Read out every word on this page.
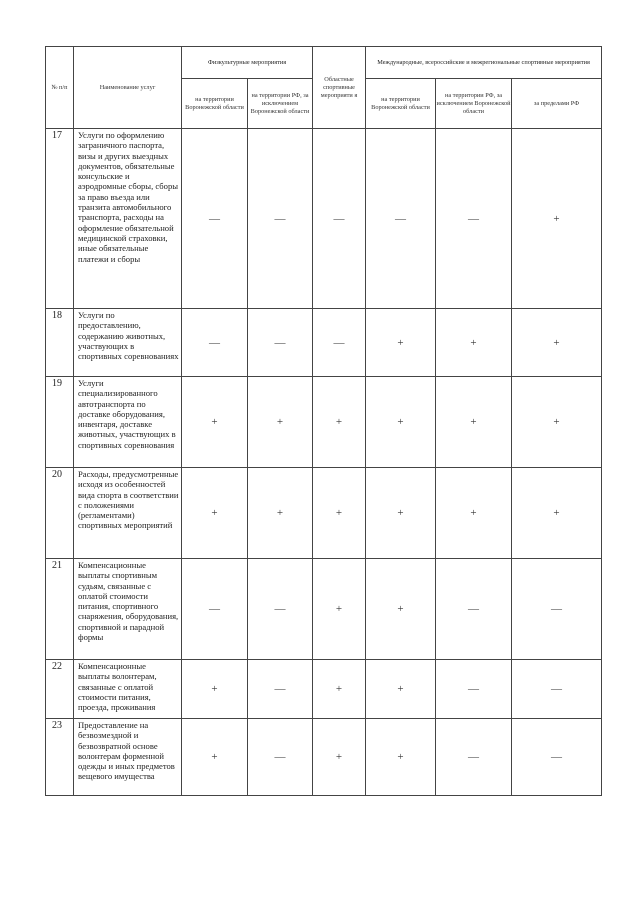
№ п/п	Наименование услуг	Физкультурные мероприятия		Областные спортивные мероприяти я	Международные, всероссийские и межрегиональные спортивные мероприятия		
		на территории Воронежской области	на территории РФ, за исключением Воронежской области		на территории Воронежской области	на территории РФ, за исключением Воронежской области	за пределами РФ
17	Услуги по оформлению заграничного паспорта, визы и других выездных документов, обязательные консульские и аэродромные сборы, сборы за право въезда или транзита автомобильного транспорта, расходы на оформление обязательной медицинской страховки, иные обязательные платежи и сборы	—	—	—	—	—	+
18	Услуги по предоставлению, содержанию животных, участвующих в спортивных соревнованиях	—	—	—	+	+	+
19	Услуги специализированного автотранспорта по доставке оборудования, инвентаря, доставке животных, участвующих в спортивных соревнования	+	+	+	+	+	+
20	Расходы, предусмотренные исходя из особенностей вида спорта в соответствии с положениями (регламентами) спортивных мероприятий	+	+	+	+	+	+
21	Компенсационные выплаты спортивным судьям, связанные с оплатой стоимости питания, спортивного снаряжения, оборудования, спортивной и парадной формы	—	—	+	+	—	—
22	Компенсационные выплаты волонтерам, связанные с оплатой стоимости питания, проезда, проживания	+	—	+	+	—	—
23	Предоставление на безвозмездной и безвозвратной основе волонтерам форменной одежды и иных предметов вещевого имущества	+	—	+	+	—	—
